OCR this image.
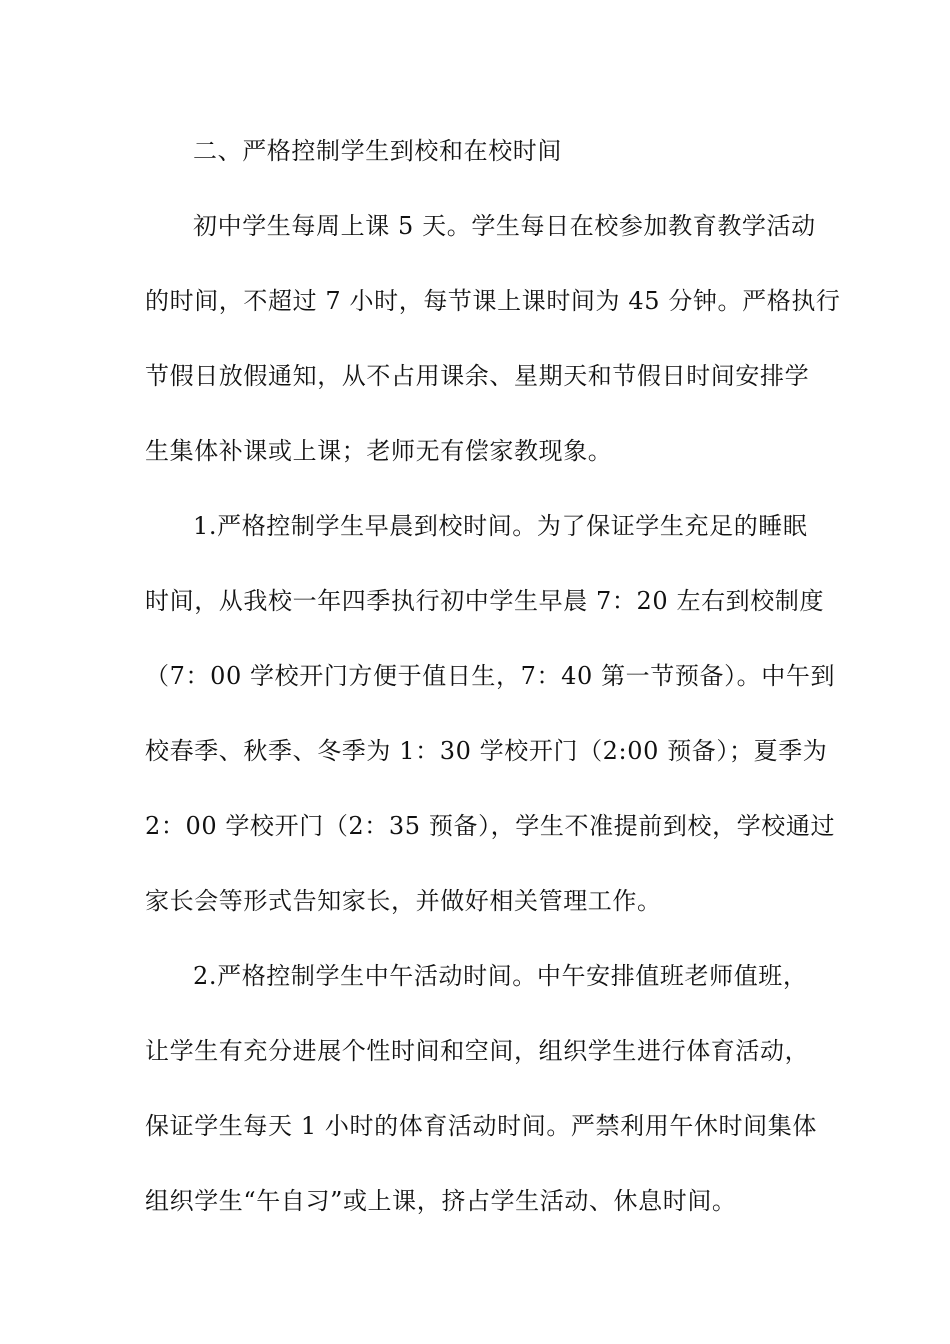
二、严格控制学生到校和在校时间
初中学生每周上课 5 天。学生每日在校参加教育教学活动
的时间，不超过 7 小时，每节课上课时间为 45 分钟。严格执行
节假日放假通知，从不占用课余、星期天和节假日时间安排学
生集体补课或上课；老师无有偿家教现象。
1.严格控制学生早晨到校时间。为了保证学生充足的睡眠
时间，从我校一年四季执行初中学生早晨 7：20 左右到校制度
（7：00 学校开门方便于值日生，7：40 第一节预备）。中午到
校春季、秋季、冬季为 1：30 学校开门（2:00 预备）；夏季为
2：00 学校开门（2：35 预备），学生不准提前到校，学校通过
家长会等形式告知家长，并做好相关管理工作。
2.严格控制学生中午活动时间。中午安排值班老师值班，
让学生有充分进展个性时间和空间，组织学生进行体育活动，
保证学生每天 1 小时的体育活动时间。严禁利用午休时间集体
组织学生“午自习”或上课，挤占学生活动、休息时间。
